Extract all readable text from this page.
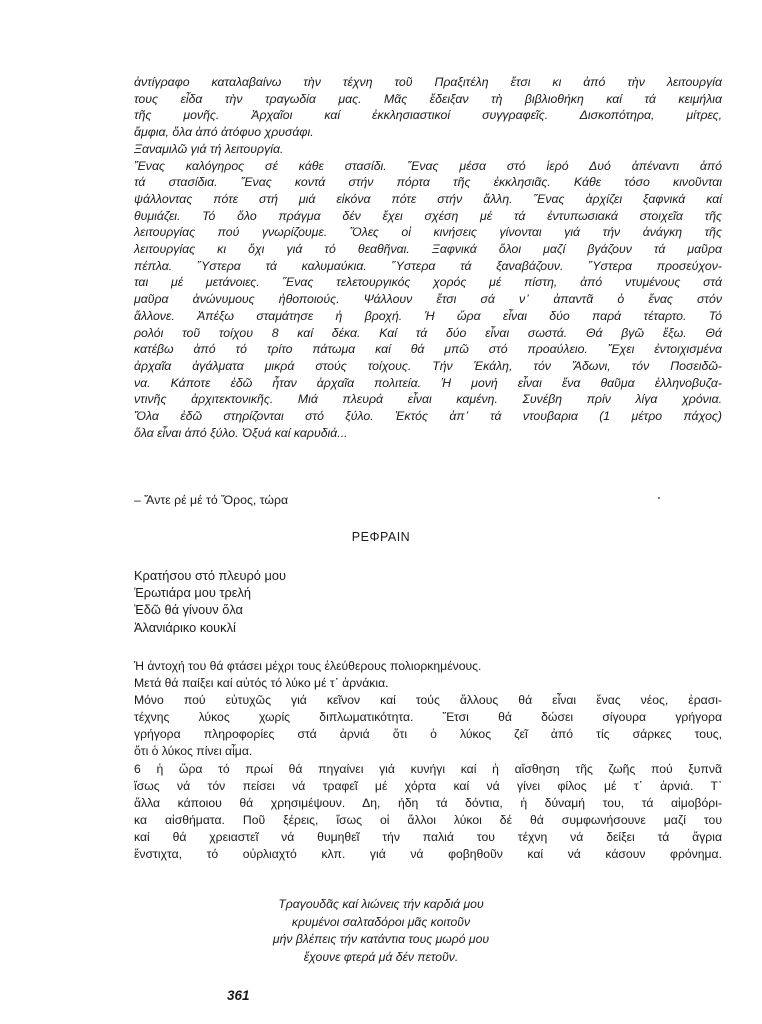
ἀντίγραφο καταλαβαίνω τὴν τέχνη τοῦ Πραξιτέλη ἔτσι κι ἀπό τὴν λειτουργία
τους εἶδα τὴν τραγωδία μας. Μᾶς ἔδειξαν τὴ βιβλιοθήκη καί τά κειμήλια
τῆς μονῆς. Ἀρχαῖοι καί ἐκκλησιαστικοί συγγραφεῖς. Δισκοπότηρα, μίτρες,
ἄμφια, ὅλα ἀπό ἀτόφυο χρυσάφι.
Ξαναμιλῶ γιά τή λειτουργία.
Ἕνας καλόγηρος σέ κάθε στασίδι. Ἕνας μέσα στό ἱερό Δυό ἀπέναντι ἀπό
τά στασίδια. Ἕνας κοντά στήν πόρτα τῆς ἐκκλησιᾶς. Κάθε τόσο κινοῦνται
ψάλλοντας πότε στή μιά εἰκόνα πότε στήν ἄλλη. Ἕνας ἀρχίζει ξαφνικά καί
θυμιάζει. Τό ὅλο πράγμα δέν ἔχει σχέση μέ τά ἐντυπωσιακά στοιχεῖα τῆς
λειτουργίας πού γνωρίζουμε. Ὅλες οἱ κινήσεις γίνονται γιά τήν ἀνάγκη τῆς
λειτουργίας κι ὄχι γιά τό θεαθῆναι. Ξαφνικά ὅλοι μαζί βγάζουν τά μαῦρα
πέπλα. Ὕστερα τά καλυμαύκια. Ὕστερα τά ξαναβάζουν. Ὕστερα προσεύχον-
ται μέ μετάνοιες. Ἕνας τελετουργικός χορός μέ πίστη, ἀπό ντυμένους στά
μαῦρα ἀνώνυμους ἠθοποιούς. Ψάλλουν ἔτσι σά ν᾿ ἀπαντᾶ ὁ ἕνας στόν
ἄλλονε. Ἀπέξω σταμάτησε ἡ βροχή. Ἡ ὥρα εἶναι δύο παρά τέταρτο. Τό
ρολόι τοῦ τοίχου 8 καί δέκα. Καί τά δύο εἶναι σωστά. Θά βγῶ ἔξω. Θά
κατέβω ἀπό τό τρίτο πάτωμα καί θά μπῶ στό προαύλειο. Ἔχει ἐντοιχισμένα
ἀρχαῖα ἀγάλματα μικρά στούς τοίχους. Τήν Ἑκάλη, τόν Ἄδωνι, τόν Ποσειδῶ-
να. Κάποτε ἐδῶ ἦταν ἀρχαῖα πολιτεία. Ἡ μονή εἶναι ἕνα θαῦμα ἑλληνοβυζα-
ντινῆς ἀρχιτεκτονικῆς. Μιά πλευρά εἶναι καμένη. Συνέβη πρίν λίγα χρόνια.
Ὅλα ἐδῶ στηρίζονται στό ξύλο. Ἐκτός ἀπ᾿ τά ντουβαρια (1 μέτρο πάχος)
ὅλα εἶναι ἀπό ξύλο. Ὀξυά καί καρυδιά...
– Ἄντε ρέ μέ τό Ὄρος, τώρα
ΡΕΦΡΑΙΝ
Κρατήσου στό πλευρό μου
Ἐρωτιάρα μου τρελή
Ἐδῶ θά γίνουν ὅλα
Ἀλανιάρικο κουκλί
Ἡ ἀντοχή του θά φτάσει μέχρι τους ἐλεύθερους πολιορκημένους.
Μετά θά παίξει καί αὐτός τό λύκο μέ τ᾿ ἀρνάκια.
Μόνο πού εὐτυχῶς γιά κεῖνον καί τούς ἄλλους θά εἶναι ἕνας νέος, ἐρασι-
τέχνης λύκος χωρίς διπλωματικότητα. Ἔτσι θά δώσει σίγουρα γρήγορα
γρήγορα πληροφορίες στά ἀρνιά ὅτι ὁ λύκος ζεῖ ἀπό τίς σάρκες τους,
ὅτι ὁ λύκος πίνει αἷμα.
6 ἡ ὥρα τό πρωί θά πηγαίνει γιά κυνήγι καί ἡ αἴσθηση τῆς ζωῆς πού ξυπνᾶ
ἴσως νά τόν πείσει νά τραφεῖ μέ χόρτα καί νά γίνει φίλος μέ τ᾿ ἀρνιά. Τ᾿
ἄλλα κάποιου θά χρησιμέψουν. Δη, ήδη τά δόντια, ἡ δύναμή του, τά αἱμοβόρι-
κα αἰσθήματα. Ποῦ ξέρεις, ἴσως οἱ ἄλλοι λύκοι δέ θά συμφωνήσουνε μαζί του
καί θά χρειαστεῖ νά θυμηθεῖ τήν παλιά του τέχνη νά δείξει τά ἄγρια
ἔνστιχτα, τό οὐρλιαχτό κλπ. γιά νά φοβηθοῦν καί νά κάσουν φρόνημα.
Τραγουδᾶς καί λιώνεις τήν καρδιά μου
κρυμένοι σαλταδόροι μᾶς κοιτοῦν
μήν βλέπεις τήν κατάντια τους μωρό μου
ἔχουνε φτερά μά δέν πετοῦν.
361
